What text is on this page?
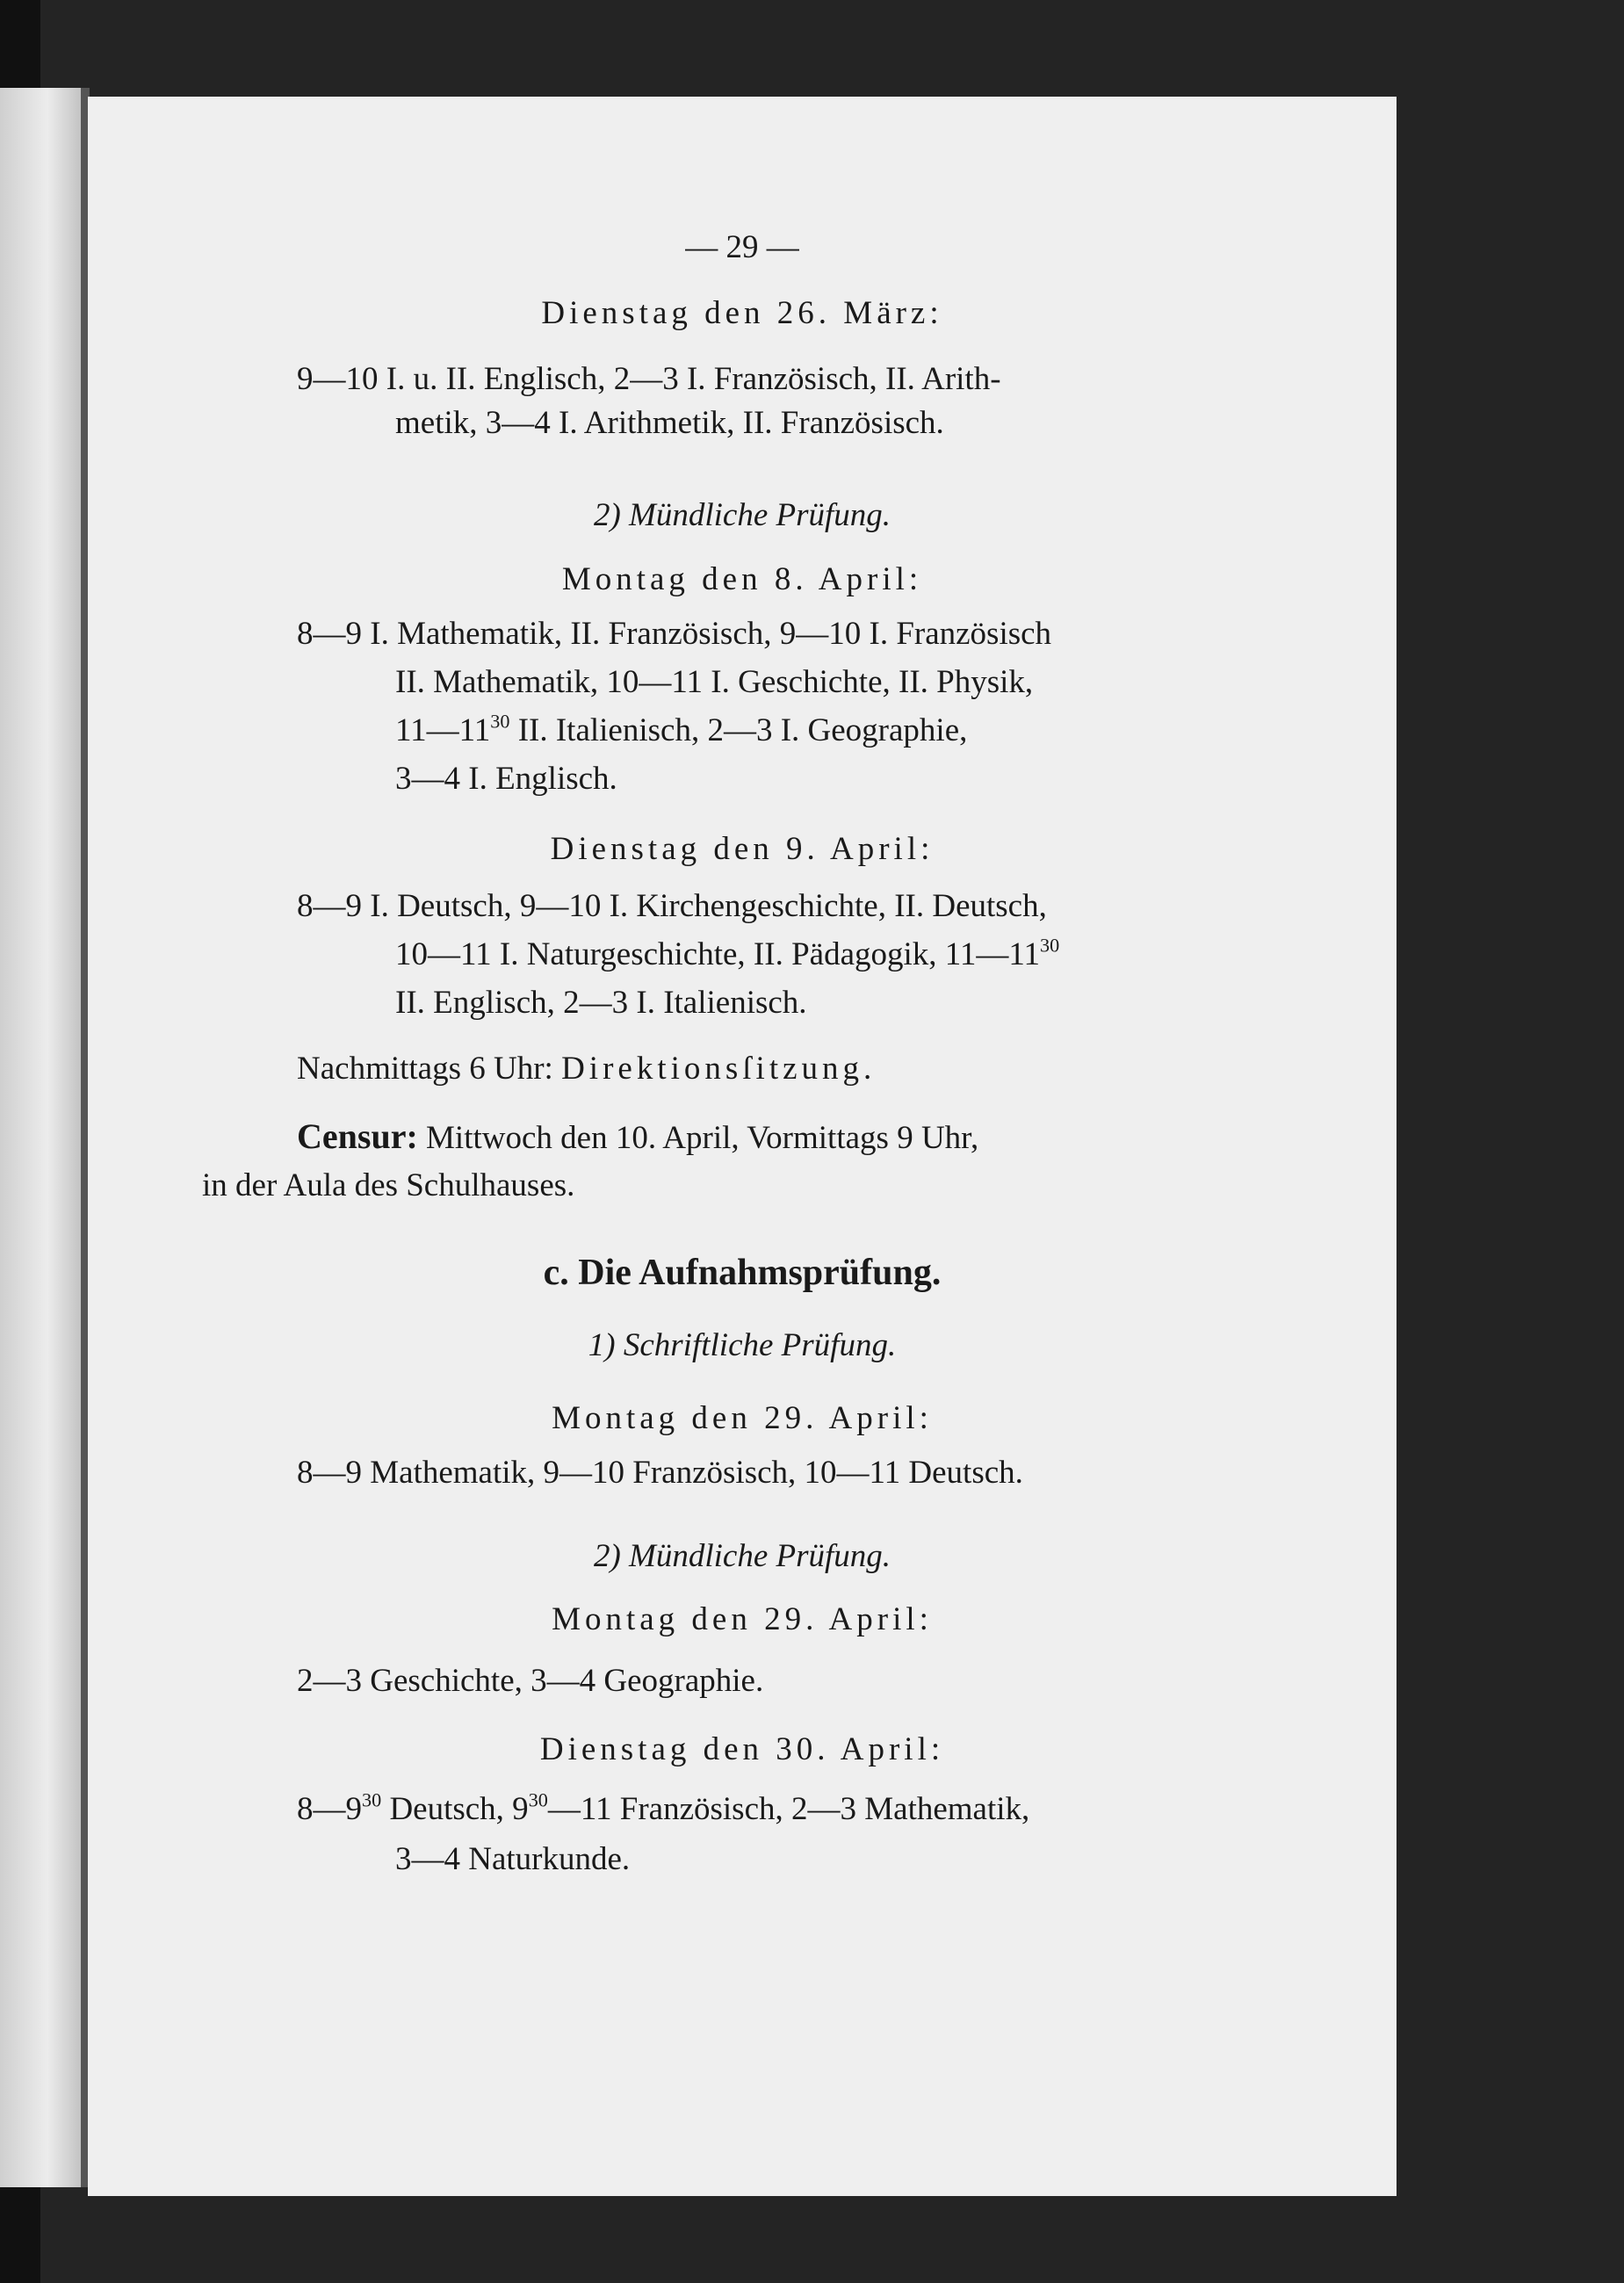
— 29 —
Dienstag den 26. März:
9—10 I. u. II. Englisch, 2—3 I. Französisch, II. Arith-
metik, 3—4 I. Arithmetik, II. Französisch.
2) Mündliche Prüfung.
Montag den 8. April:
8—9 I. Mathematik, II. Französisch, 9—10 I. Französisch
II. Mathematik, 10—11 I. Geschichte, II. Physik,
$11—11^{30}$ II. Italienisch, 2—3 I. Geographie,
3—4 I. Englisch.
Dienstag den 9. April:
8—9 I. Deutsch, 9—10 I. Kirchengeschichte, II. Deutsch,
10—11 I. Naturgeschichte, II. Pädagogik, $11—11^{30}$
II. Englisch, 2—3 I. Italienisch.
Nachmittags 6 Uhr: Direktionsſitzung.
Censur: Mittwoch den 10. April, Vormittags 9 Uhr,
in der Aula des Schulhauses.
c. Die Aufnahmsprüfung.
1) Schriftliche Prüfung.
Montag den 29. April:
8—9 Mathematik, 9—10 Französisch, 10—11 Deutsch.
2) Mündliche Prüfung.
Montag den 29. April:
2—3 Geschichte, 3—4 Geographie.
Dienstag den 30. April:
$8—9^{30}$ Deutsch, $9^{30}—11$ Französisch, 2—3 Mathematik,
3—4 Naturkunde.
